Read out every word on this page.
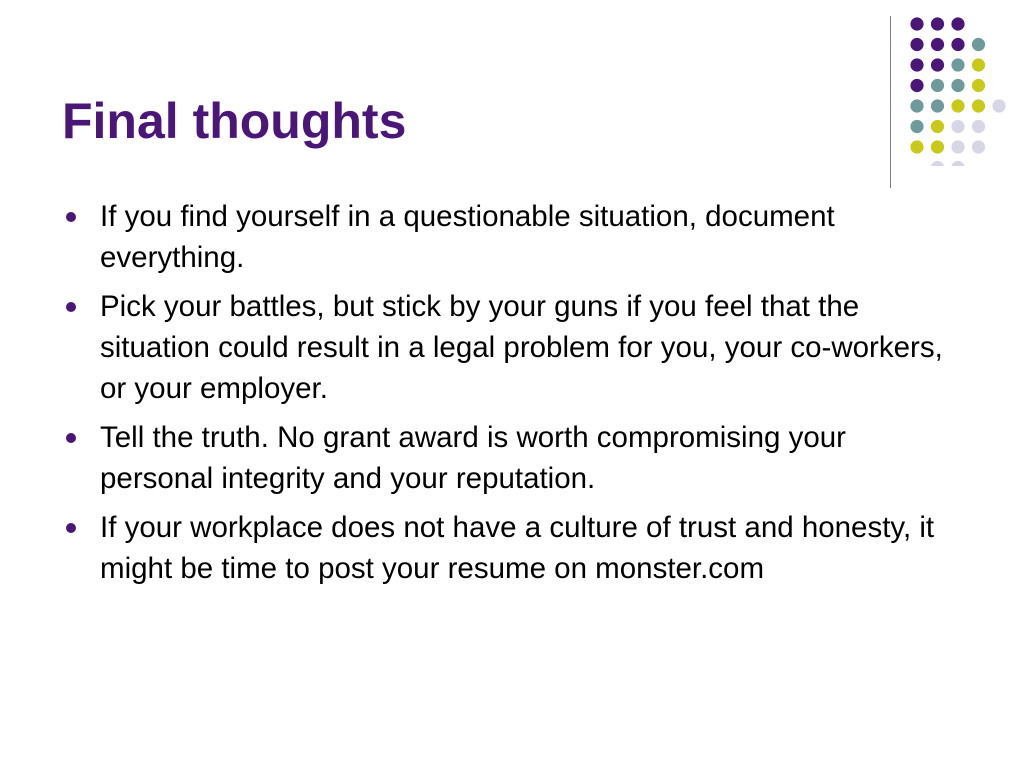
Final thoughts
If you find yourself in a questionable situation, document everything.
Pick your battles, but stick by your guns if you feel that the situation could result in a legal problem for you, your co-workers, or your employer.
Tell the truth. No grant award is worth compromising your personal integrity and your reputation.
If your workplace does not have a culture of trust and honesty, it might be time to post your resume on monster.com
